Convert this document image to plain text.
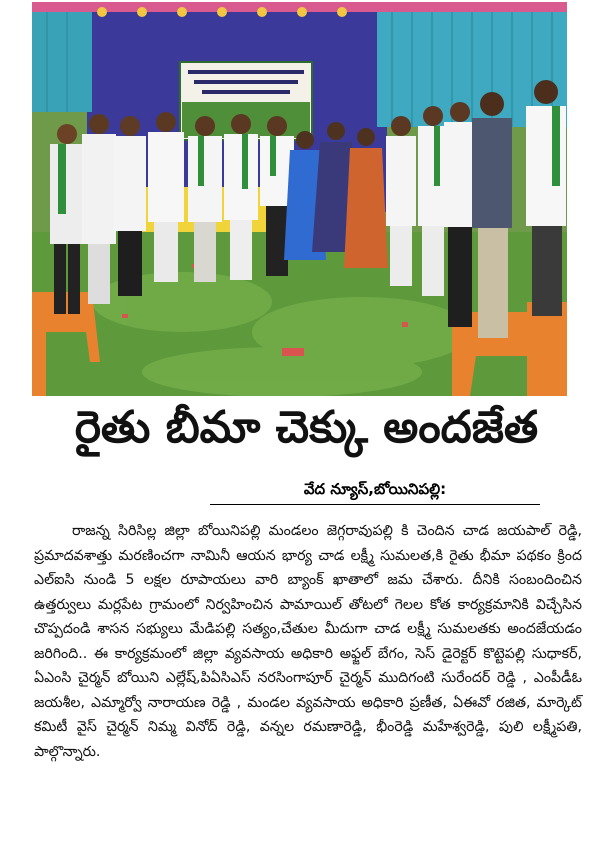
రైతు బీమా చెక్కు అందజేత
వేద న్యూస్,బోయినిపల్లి:
రాజన్న సిరిసిల్ల జిల్లా బోయినిపల్లి మండలం జెగ్గరావుపల్లి కి చెందిన చాడ జయపాల్ రెడ్డి, ప్రమాదవశాత్తు మరణించగా నామినీ ఆయన భార్య చాడ లక్ష్మీ సుమలత,కి రైతు భీమా పథకం క్రింద ఎల్ఐసి నుండి 5 లక్షల రూపాయలు వారి బ్యాంక్ ఖాతాలో జమ చేశారు. దీనికి సంబందించిన ఉత్తర్వులు మర్లపేట గ్రామంలో నిర్వహించిన పామాయిల్ తోటలో గెలల కోత కార్యక్రమానికి విచ్చేసిన చొప్పదండి శాసన సభ్యులు మేడిపల్లి సత్యం,చేతుల మీదుగా చాడ లక్ష్మీ సుమలతకు అందజేయడం జరిగింది.. ఈ కార్యక్రమంలో జిల్లా వ్యవసాయ అధికారి అఫ్జల్ బేగం, సెస్ డైరెక్టర్ కొట్టెపల్లి సుధాకర్, ఏఎంసి చైర్మన్ బోయిని ఎల్లేష్,పిఏసిఎస్ నరసింగాపూర్ చైర్మన్ ముదిగంటి సురేందర్ రెడ్డి , ఎంపీడీఓ జయశీల, ఎమ్మార్వో నారాయణ రెడ్డి , మండల వ్యవసాయ అధికారి ప్రణీత, ఏఈవో రజిత, మార్కెట్ కమిటీ వైస్ చైర్మన్ నిమ్మ వినోద్ రెడ్డి, వన్నల రమణారెడ్డి, భీంరెడ్డి మహేశ్వరెడ్డి, పులి లక్ష్మీపతి, పాల్గొన్నారు.
